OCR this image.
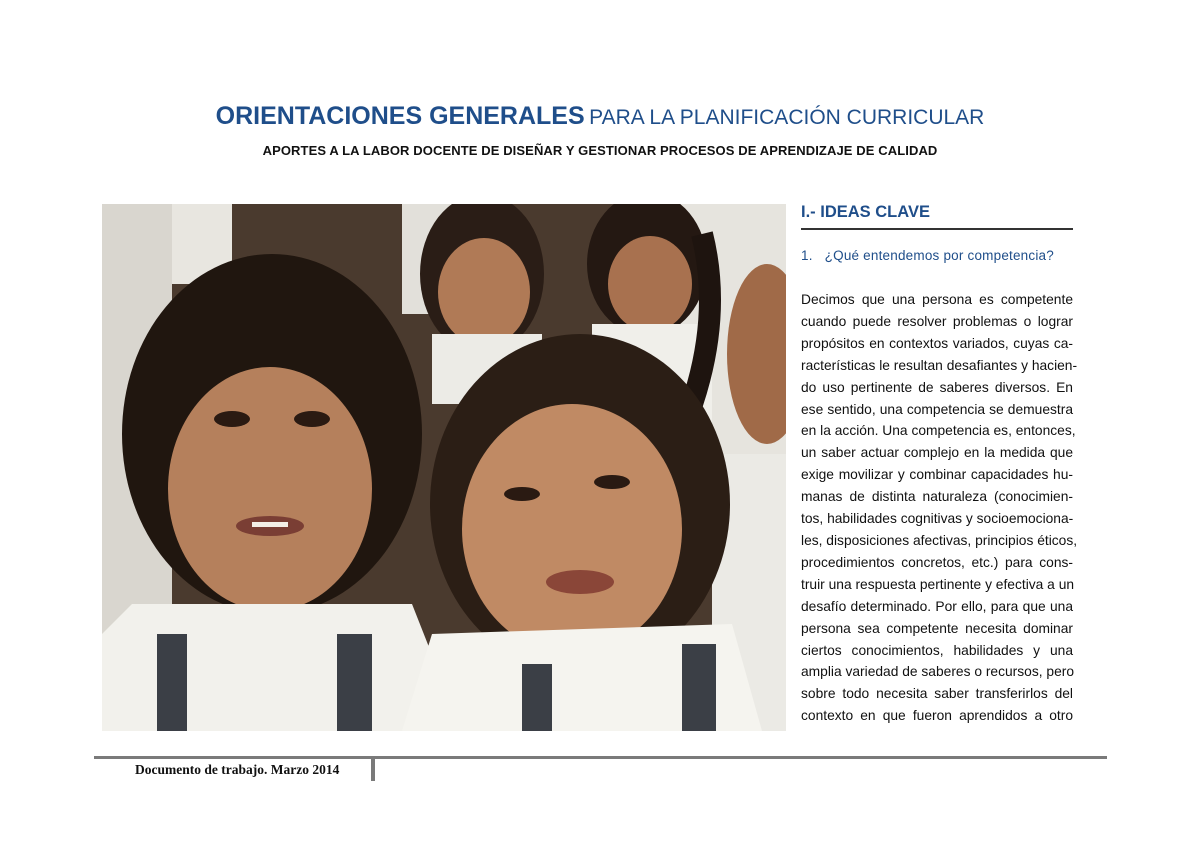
ORIENTACIONES GENERALES PARA LA PLANIFICACIÓN CURRICULAR
APORTES A LA LABOR DOCENTE DE DISEÑAR Y GESTIONAR PROCESOS DE APRENDIZAJE DE CALIDAD
I.- IDEAS CLAVE
1. ¿Qué entendemos por competencia?
Decimos que una persona es competente
cuando puede resolver problemas o lograr
propósitos en contextos variados, cuyas ca-
racterísticas le resultan desafiantes y hacien-
do uso pertinente de saberes diversos. En
ese sentido, una competencia se demuestra
en la acción. Una competencia es, entonces,
un saber actuar complejo en la medida que
exige movilizar y combinar capacidades hu-
manas de distinta naturaleza (conocimien-
tos, habilidades cognitivas y socioemociona-
les, disposiciones afectivas, principios éticos,
procedimientos concretos, etc.) para cons-
truir una respuesta pertinente y efectiva a un
desafío determinado. Por ello, para que una
persona sea competente necesita dominar
ciertos conocimientos, habilidades y una
amplia variedad de saberes o recursos, pero
sobre todo necesita saber transferirlos del
contexto en que fueron aprendidos a otro
Documento de trabajo. Marzo 2014
